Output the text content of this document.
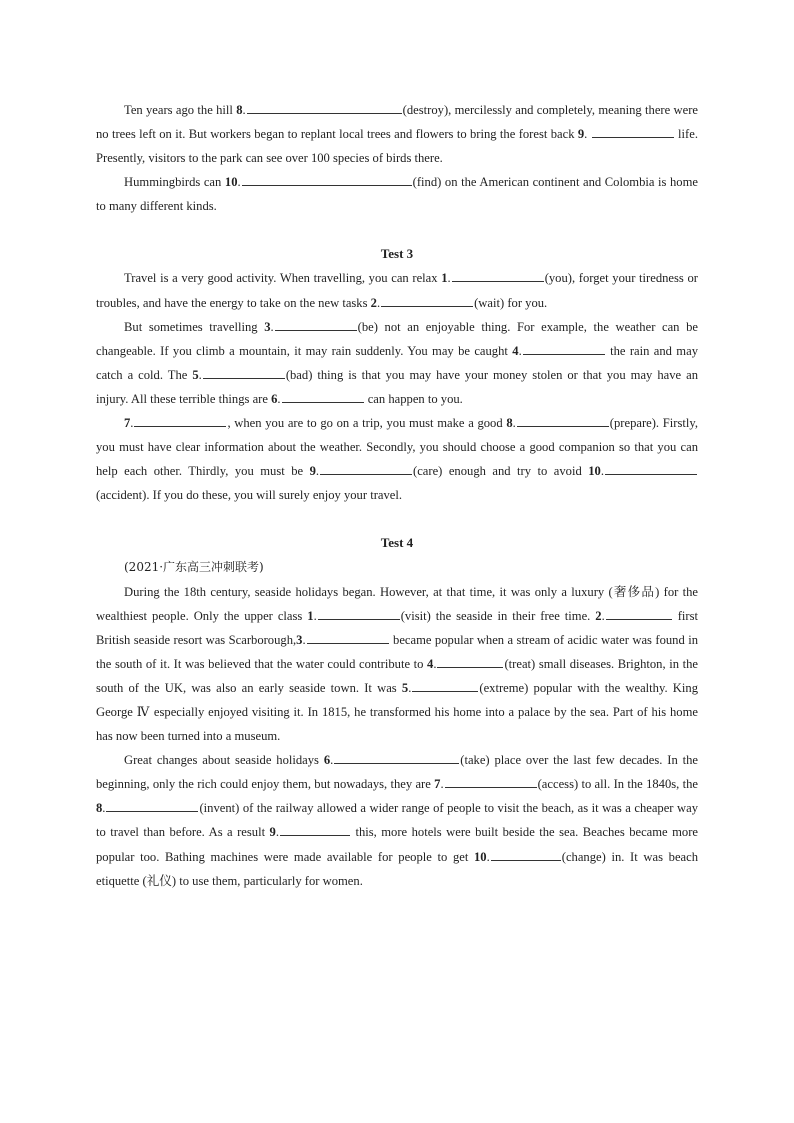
Ten years ago the hill 8.	(destroy), mercilessly and completely, meaning there were no trees left on it. But workers began to replant local trees and flowers to bring the forest back 9.	life. Presently, visitors to the park can see over 100 species of birds there.

Hummingbirds can 10.	(find) on the American continent and Colombia is home to many different kinds.

Test 3

Travel is a very good activity. When travelling, you can relax 1.	(you), forget your tiredness or troubles, and have the energy to take on the new tasks 2.	(wait) for you.

But sometimes travelling 3.	(be) not an enjoyable thing. For example, the weather can be changeable. If you climb a mountain, it may rain suddenly. You may be caught 4.	the rain and may catch a cold. The 5.	(bad) thing is that you may have your money stolen or that you may have an injury. All these terrible things are 6.	can happen to you.

7.	, when you are to go on a trip, you must make a good 8.	(prepare). Firstly, you must have clear information about the weather. Secondly, you should choose a good companion so that you can help each other. Thirdly, you must be 9.	(care) enough and try to avoid 10.(accident). If you do these, you will surely enjoy your travel.

Test 4

(2021·广东高三冲刺联考)

During the 18th century, seaside holidays began. However, at that time, it was only a luxury (奢侈品) for the wealthiest people. Only the upper class 1.	(visit) the seaside in their free time. 2.	first British seaside resort was Scarborough,3.	became popular when a stream of acidic water was found in the south of it. It was believed that the water could contribute to 4.	(treat) small diseases. Brighton, in the south of the UK, was also an early seaside town. It was 5.	(extreme) popular with the wealthy. King George Ⅳ especially enjoyed visiting it. In 1815, he transformed his home into a palace by the sea. Part of his home has now been turned into a museum.

Great changes about seaside holidays 6.	(take) place over the last few decades. In the beginning, only the rich could enjoy them, but nowadays, they are 7.	(access) to all. In the 1840s, the 8.	(invent) of the railway allowed a wider range of people to visit the beach, as it was a cheaper way to travel than before. As a result 9.	this, more hotels were built beside the sea. Beaches became more popular too. Bathing machines were made available for people to get 10.	(change) in. It was beach etiquette (礼仪) to use them, particularly for women.
